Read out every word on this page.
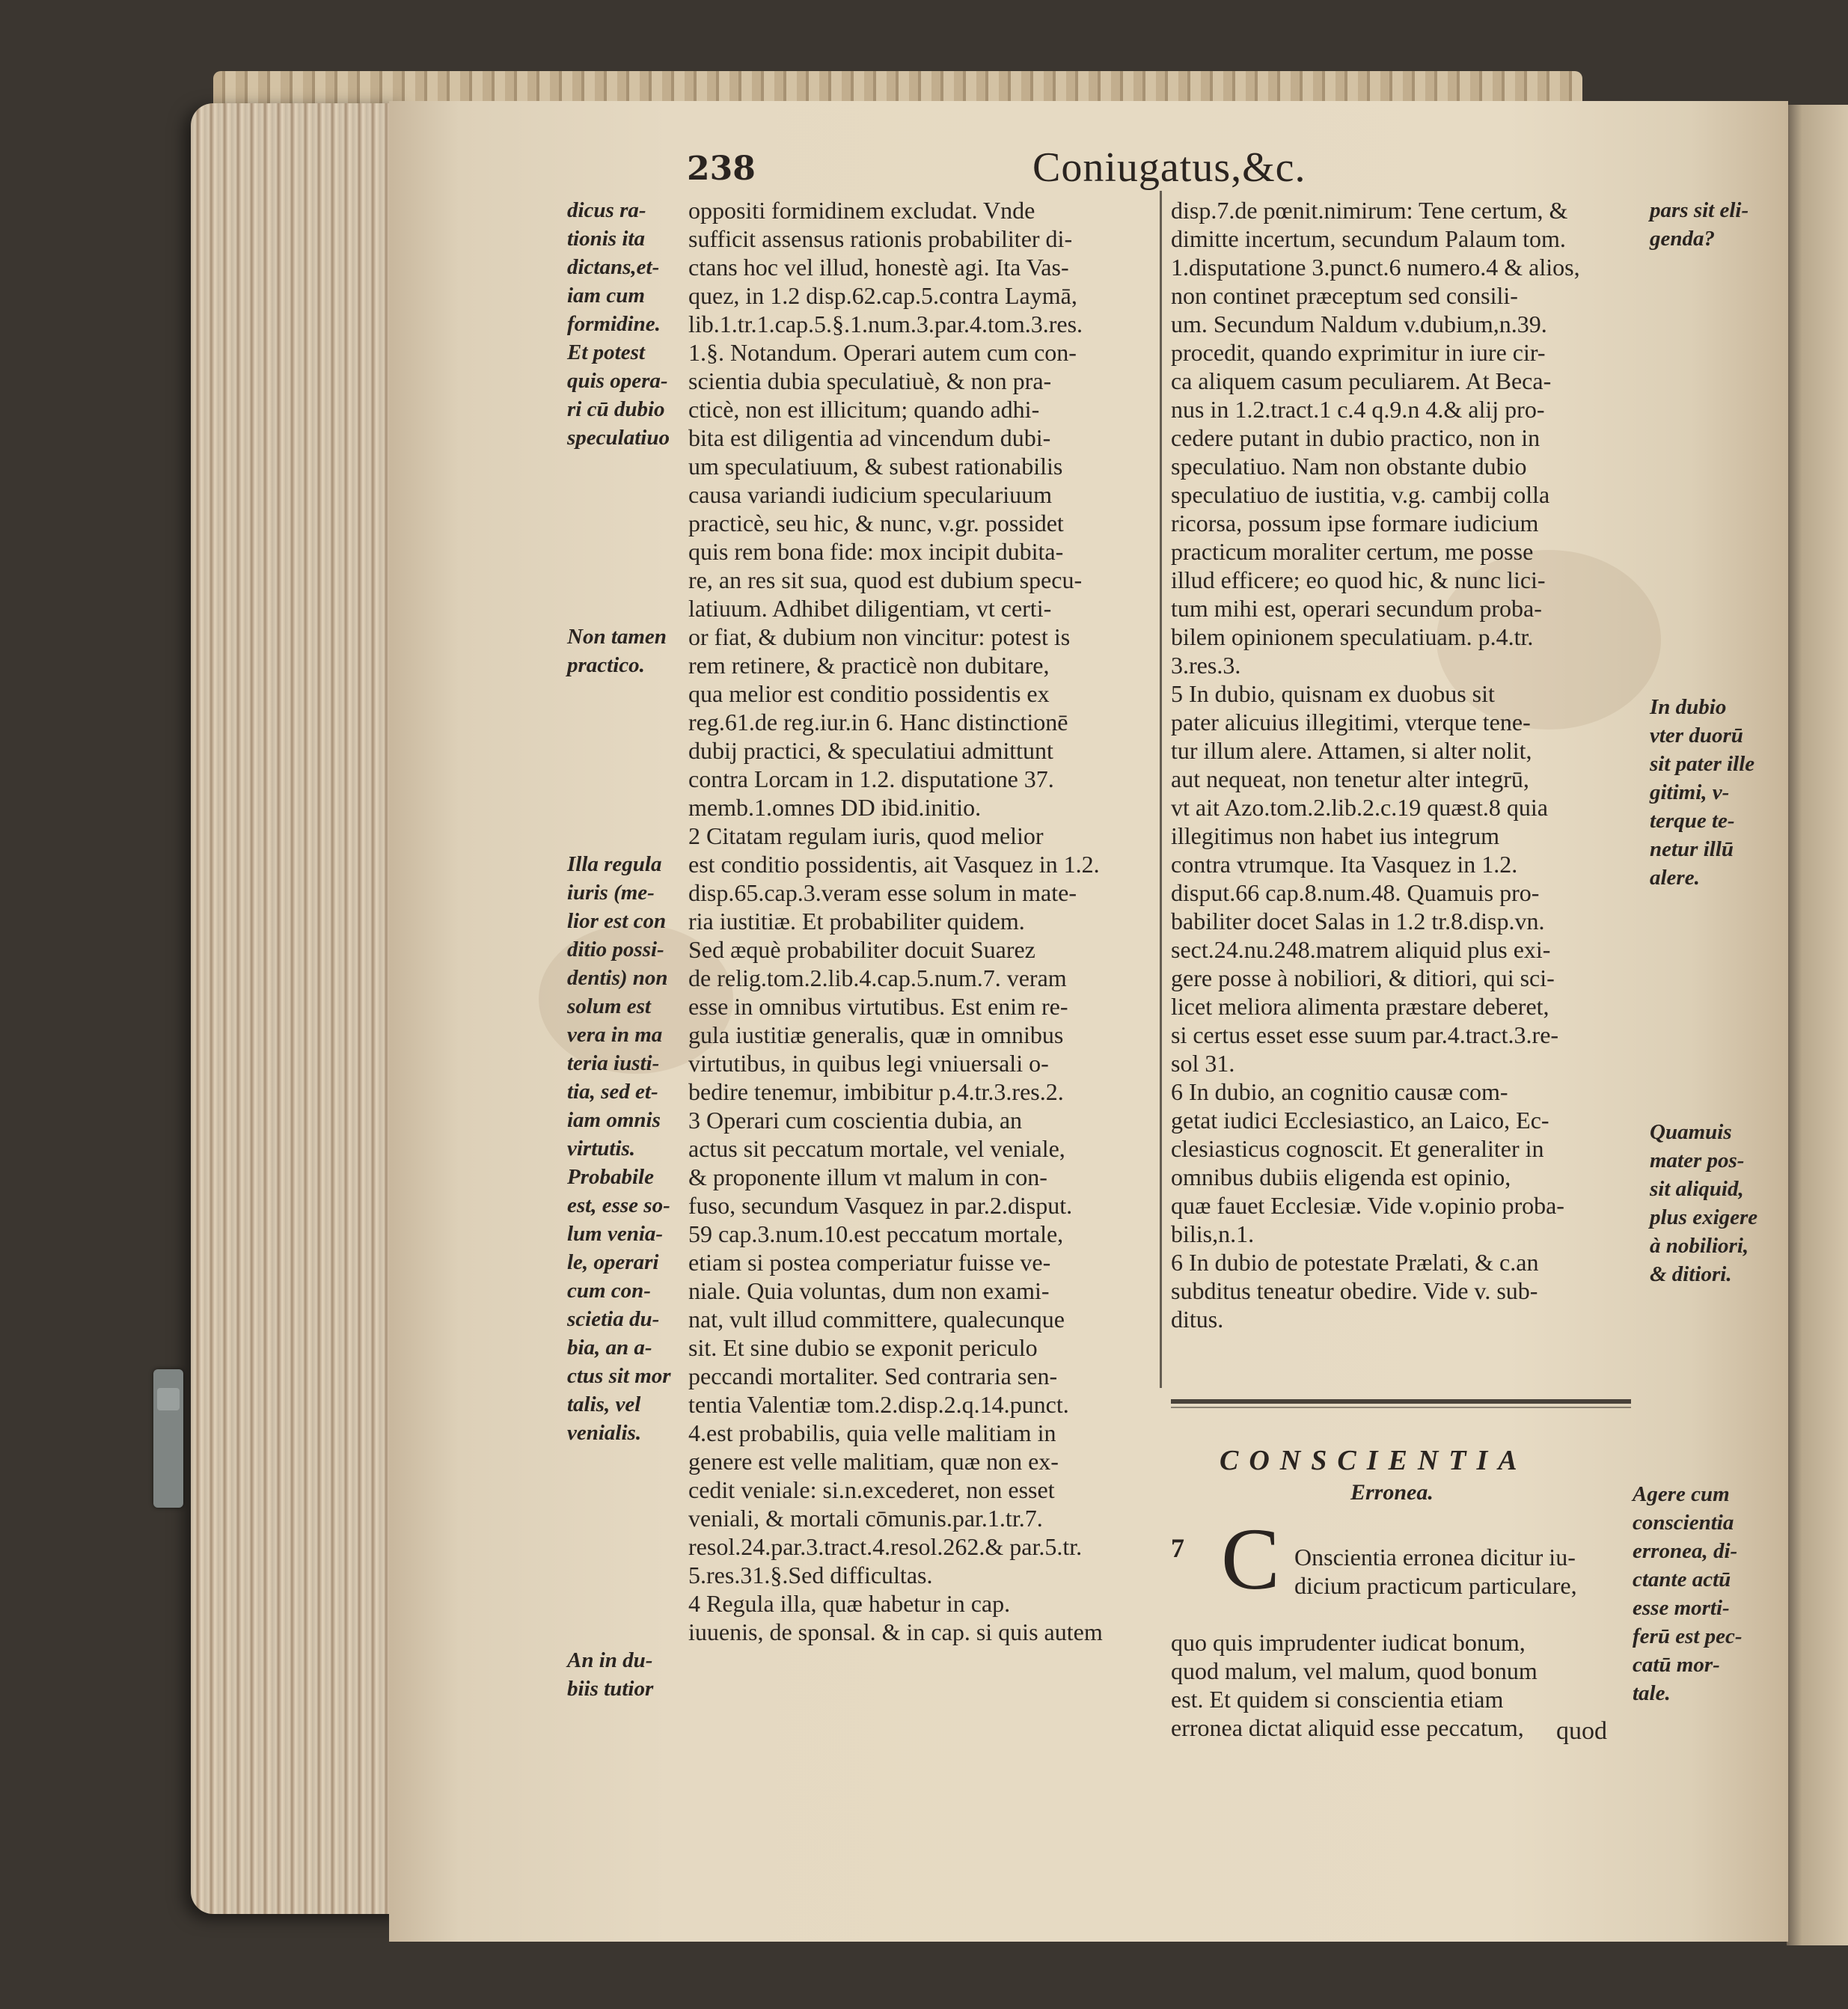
238	Coniugatus,&c.
dicus ra-
tionis ita
dictans,et-
iam cum
formidine.
Et potest
quis opera-
ri cū dubio
speculatiuo
Non tamen
practico.
Illa regula
iuris (me-
lior est con
ditio possi-
dentis) non
solum est
vera in ma
teria iusti-
tia, sed et-
iam omnis
virtutis.
Probabile
est, esse so-
lum venia-
le, operari
cum con-
scietia du-
bia, an a-
ctus sit mor
talis, vel
venialis.
An in du-
biis tutior
oppositi formidinem excludat. Vnde
sufficit assensus rationis probabiliter di-
ctans hoc vel illud, honestè agi. Ita Vas-
quez, in 1.2 disp.62.cap.5.contra Laymā,
lib.1.tr.1.cap.5.§.1.num.3.par.4.tom.3.res.
1.§. Notandum. Operari autem cum con-
scientia dubia speculatiuè, & non pra-
cticè, non est illicitum; quando adhi-
bita est diligentia ad vincendum dubi-
um speculatiuum, & subest rationabilis
causa variandi iudicium speculariuum
practicè, seu hic, & nunc, v.gr. possidet
quis rem bona fide: mox incipit dubita-
re, an res sit sua, quod est dubium specu-
latiuum. Adhibet diligentiam, vt certi-
or fiat, & dubium non vincitur: potest is
rem retinere, & practicè non dubitare,
qua melior est conditio possidentis ex
reg.61.de reg.iur.in 6. Hanc distinctionē
dubij practici, & speculatiui admittunt
contra Lorcam in 1.2. disputatione 37.
memb.1.omnes DD ibid.initio.
2 Citatam regulam iuris, quod melior
est conditio possidentis, ait Vasquez in 1.2.
disp.65.cap.3.veram esse solum in mate-
ria iustitiæ. Et probabiliter quidem.
Sed æquè probabiliter docuit Suarez
de relig.tom.2.lib.4.cap.5.num.7. veram
esse in omnibus virtutibus. Est enim re-
gula iustitiæ generalis, quæ in omnibus
virtutibus, in quibus legi vniuersali o-
bedire tenemur, imbibitur p.4.tr.3.res.2.
3 Operari cum coscientia dubia, an
actus sit peccatum mortale, vel veniale,
& proponente illum vt malum in con-
fuso, secundum Vasquez in par.2.disput.
59 cap.3.num.10.est peccatum mortale,
etiam si postea comperiatur fuisse ve-
niale. Quia voluntas, dum non exami-
nat, vult illud committere, qualecunque
sit. Et sine dubio se exponit periculo
peccandi mortaliter. Sed contraria sen-
tentia Valentiæ tom.2.disp.2.q.14.punct.
4.est probabilis, quia velle malitiam in
genere est velle malitiam, quæ non ex-
cedit veniale: si.n.excederet, non esset
veniali, & mortali cōmunis.par.1.tr.7.
resol.24.par.3.tract.4.resol.262.& par.5.tr.
5.res.31.§.Sed difficultas.
4 Regula illa, quæ habetur in cap.
iuuenis, de sponsal. & in cap. si quis autem
disp.7.de pœnit.nimirum: Tene certum, &
dimitte incertum, secundum Palaum tom.
1.disputatione 3.punct.6 numero.4 & alios,
non continet præceptum sed consili-
um. Secundum Naldum v.dubium,n.39.
procedit, quando exprimitur in iure cir-
ca aliquem casum peculiarem. At Beca-
nus in 1.2.tract.1 c.4 q.9.n 4.& alij pro-
cedere putant in dubio practico, non in
speculatiuo. Nam non obstante dubio
speculatiuo de iustitia, v.g. cambij colla
ricorsa, possum ipse formare iudicium
practicum moraliter certum, me posse
illud efficere; eo quod hic, & nunc lici-
tum mihi est, operari secundum proba-
bilem opinionem speculatiuam. p.4.tr.
3.res.3.
5 In dubio, quisnam ex duobus sit
pater alicuius illegitimi, vterque tene-
tur illum alere. Attamen, si alter nolit,
aut nequeat, non tenetur alter integrū,
vt ait Azo.tom.2.lib.2.c.19 quæst.8 quia
illegitimus non habet ius integrum
contra vtrumque. Ita Vasquez in 1.2.
disput.66 cap.8.num.48. Quamuis pro-
babiliter docet Salas in 1.2 tr.8.disp.vn.
sect.24.nu.248.matrem aliquid plus exi-
gere posse à nobiliori, & ditiori, qui sci-
licet meliora alimenta præstare deberet,
si certus esset esse suum par.4.tract.3.re-
sol 31.
6 In dubio, an cognitio causæ com-
getat iudici Ecclesiastico, an Laico, Ec-
clesiasticus cognoscit. Et generaliter in
omnibus dubiis eligenda est opinio,
quæ fauet Ecclesiæ. Vide v.opinio proba-
bilis,n.1.
6 In dubio de potestate Prælati, & c.an
subditus teneatur obedire. Vide v. sub-
ditus.
pars sit eli-
genda?
In dubio
vter duorū
sit pater ille
gitimi, v-
terque te-
netur illū
alere.
Quamuis
mater pos-
sit aliquid,
plus exigere
à nobiliori,
& ditiori.
Agere cum
conscientia
erronea, di-
ctante actū
esse morti-
ferū est pec-
catū mor-
tale.
CONSCIENTIA
Erronea.
7 C Onscientia erronea dicitur iu-
dicium practicum particulare,
quo quis imprudenter iudicat bonum,
quod malum, vel malum, quod bonum
est. Et quidem si conscientia etiam
erronea dictat aliquid esse peccatum,	quod
